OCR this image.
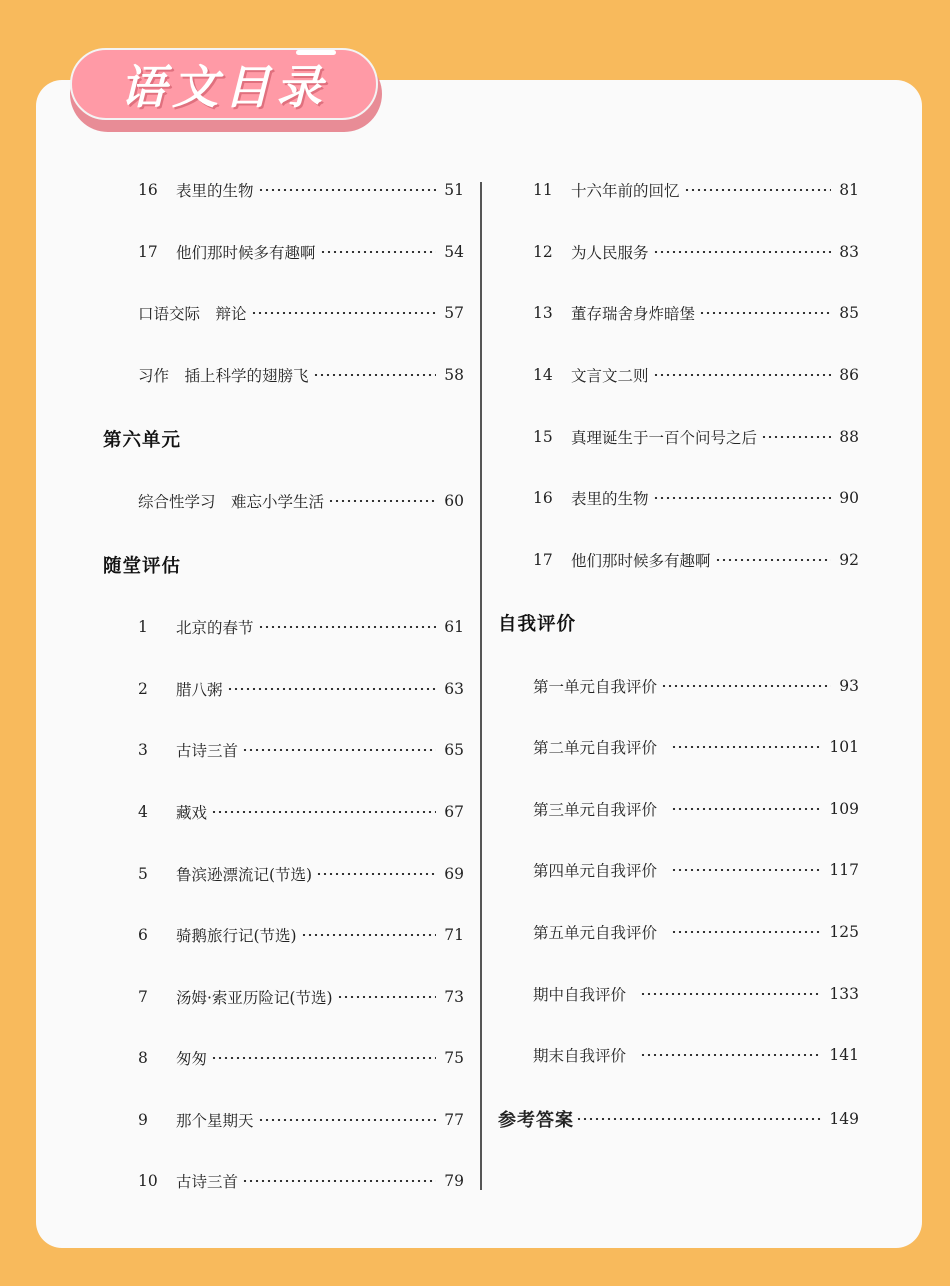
语文目录
16	表里的生物	51
17	他们那时候多有趣啊	54
口语交际　辩论	57
习作　插上科学的翅膀飞	58
第六单元
综合性学习　难忘小学生活	60
随堂评估
1	北京的春节	61
2	腊八粥	63
3	古诗三首	65
4	藏戏	67
5	鲁滨逊漂流记(节选)	69
6	骑鹅旅行记(节选)	71
7	汤姆·索亚历险记(节选)	73
8	匆匆	75
9	那个星期天	77
10	古诗三首	79
11	十六年前的回忆	81
12	为人民服务	83
13	董存瑞舍身炸暗堡	85
14	文言文二则	86
15	真理诞生于一百个问号之后	88
16	表里的生物	90
17	他们那时候多有趣啊	92
自我评价
第一单元自我评价	93
第二单元自我评价	101
第三单元自我评价	109
第四单元自我评价	117
第五单元自我评价	125
期中自我评价	133
期末自我评价	141
参考答案	149
